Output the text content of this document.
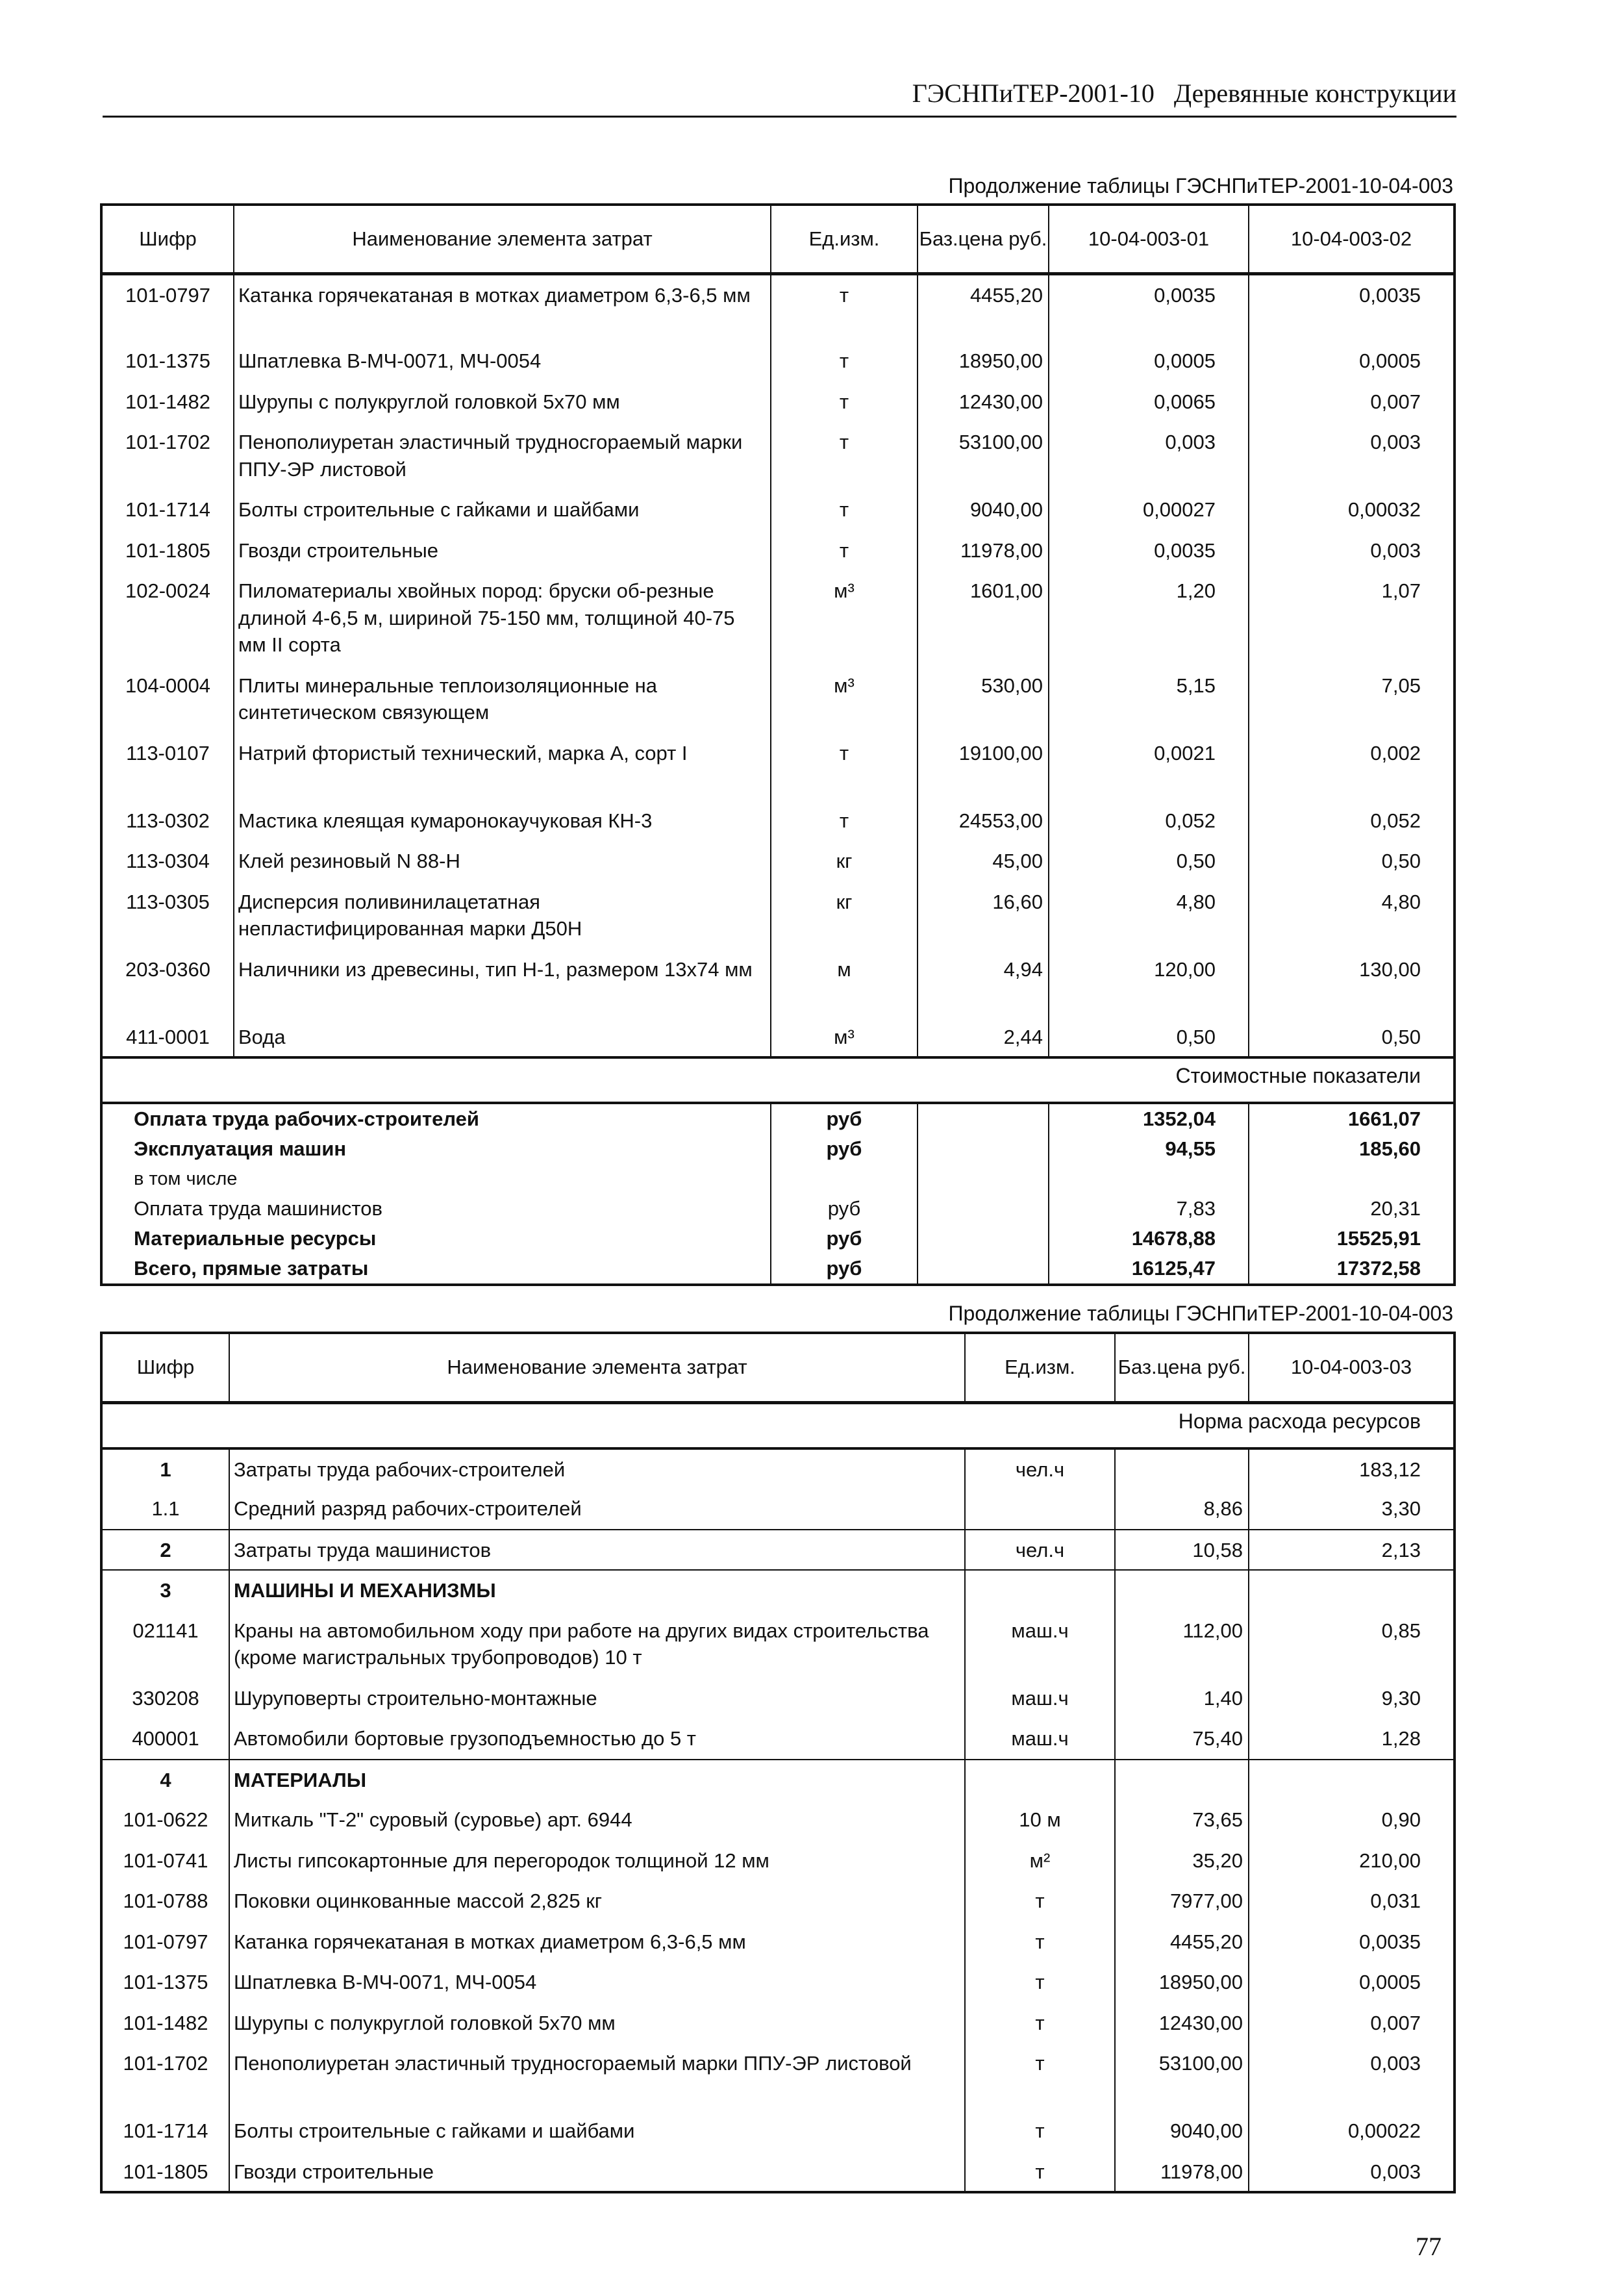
ГЭСНПиТЕР-2001-10 Деревянные конструкции
Продолжение таблицы ГЭСНПиТЕР-2001-10-04-003
Шифр	Наименование элемента затрат	Ед.изм.	Баз.цена руб.	10-04-003-01	10-04-003-02
101-0797	Катанка горячекатаная в мотках диаметром 6,3-6,5 мм	т	4455,20	0,0035	0,0035
101-1375	Шпатлевка В-МЧ-0071, МЧ-0054	т	18950,00	0,0005	0,0005
101-1482	Шурупы с полукруглой головкой 5х70 мм	т	12430,00	0,0065	0,007
101-1702	Пенополиуретан эластичный трудносгораемый марки ППУ-ЭР листовой	т	53100,00	0,003	0,003
101-1714	Болты строительные с гайками и шайбами	т	9040,00	0,00027	0,00032
101-1805	Гвозди строительные	т	11978,00	0,0035	0,003
102-0024	Пиломатериалы хвойных пород: бруски об-резные длиной 4-6,5 м, шириной 75-150 мм, толщиной 40-75 мм II сорта	м³	1601,00	1,20	1,07
104-0004	Плиты минеральные теплоизоляционные на синтетическом связующем	м³	530,00	5,15	7,05
113-0107	Натрий фтористый технический, марка А, сорт I	т	19100,00	0,0021	0,002
113-0302	Мастика клеящая кумаронокаучуковая КН-3	т	24553,00	0,052	0,052
113-0304	Клей резиновый N 88-Н	кг	45,00	0,50	0,50
113-0305	Дисперсия поливинилацетатная непластифицированная марки Д50Н	кг	16,60	4,80	4,80
203-0360	Наличники из древесины, тип Н-1, размером 13х74 мм	м	4,94	120,00	130,00
411-0001	Вода	м³	2,44	0,50	0,50
Стоимостные показатели					
Оплата труда рабочих-строителей		руб		1352,04	1661,07
Эксплуатация машин		руб		94,55	185,60
в том числе					
Оплата труда машинистов		руб		7,83	20,31
Материальные ресурсы		руб		14678,88	15525,91
Всего, прямые затраты		руб		16125,47	17372,58
Продолжение таблицы ГЭСНПиТЕР-2001-10-04-003
Шифр	Наименование элемента затрат	Ед.изм.	Баз.цена руб.	10-04-003-03
Норма расхода ресурсов				
1	Затраты труда рабочих-строителей	чел.ч		183,12
1.1	Средний разряд рабочих-строителей		8,86	3,30
2	Затраты труда машинистов	чел.ч	10,58	2,13
3	МАШИНЫ И МЕХАНИЗМЫ			
021141	Краны на автомобильном ходу при работе на других видах строительства (кроме магистральных трубопроводов) 10 т	маш.ч	112,00	0,85
330208	Шуруповерты строительно-монтажные	маш.ч	1,40	9,30
400001	Автомобили бортовые грузоподъемностью до 5 т	маш.ч	75,40	1,28
4	МАТЕРИАЛЫ			
101-0622	Миткаль "Т-2" суровый (суровье) арт. 6944	10 м	73,65	0,90
101-0741	Листы гипсокартонные для перегородок толщиной 12 мм	м²	35,20	210,00
101-0788	Поковки оцинкованные массой 2,825 кг	т	7977,00	0,031
101-0797	Катанка горячекатаная в мотках диаметром 6,3-6,5 мм	т	4455,20	0,0035
101-1375	Шпатлевка В-МЧ-0071, МЧ-0054	т	18950,00	0,0005
101-1482	Шурупы с полукруглой головкой 5х70 мм	т	12430,00	0,007
101-1702	Пенополиуретан эластичный трудносгораемый марки ППУ-ЭР листовой	т	53100,00	0,003
101-1714	Болты строительные с гайками и шайбами	т	9040,00	0,00022
101-1805	Гвозди строительные	т	11978,00	0,003
77
